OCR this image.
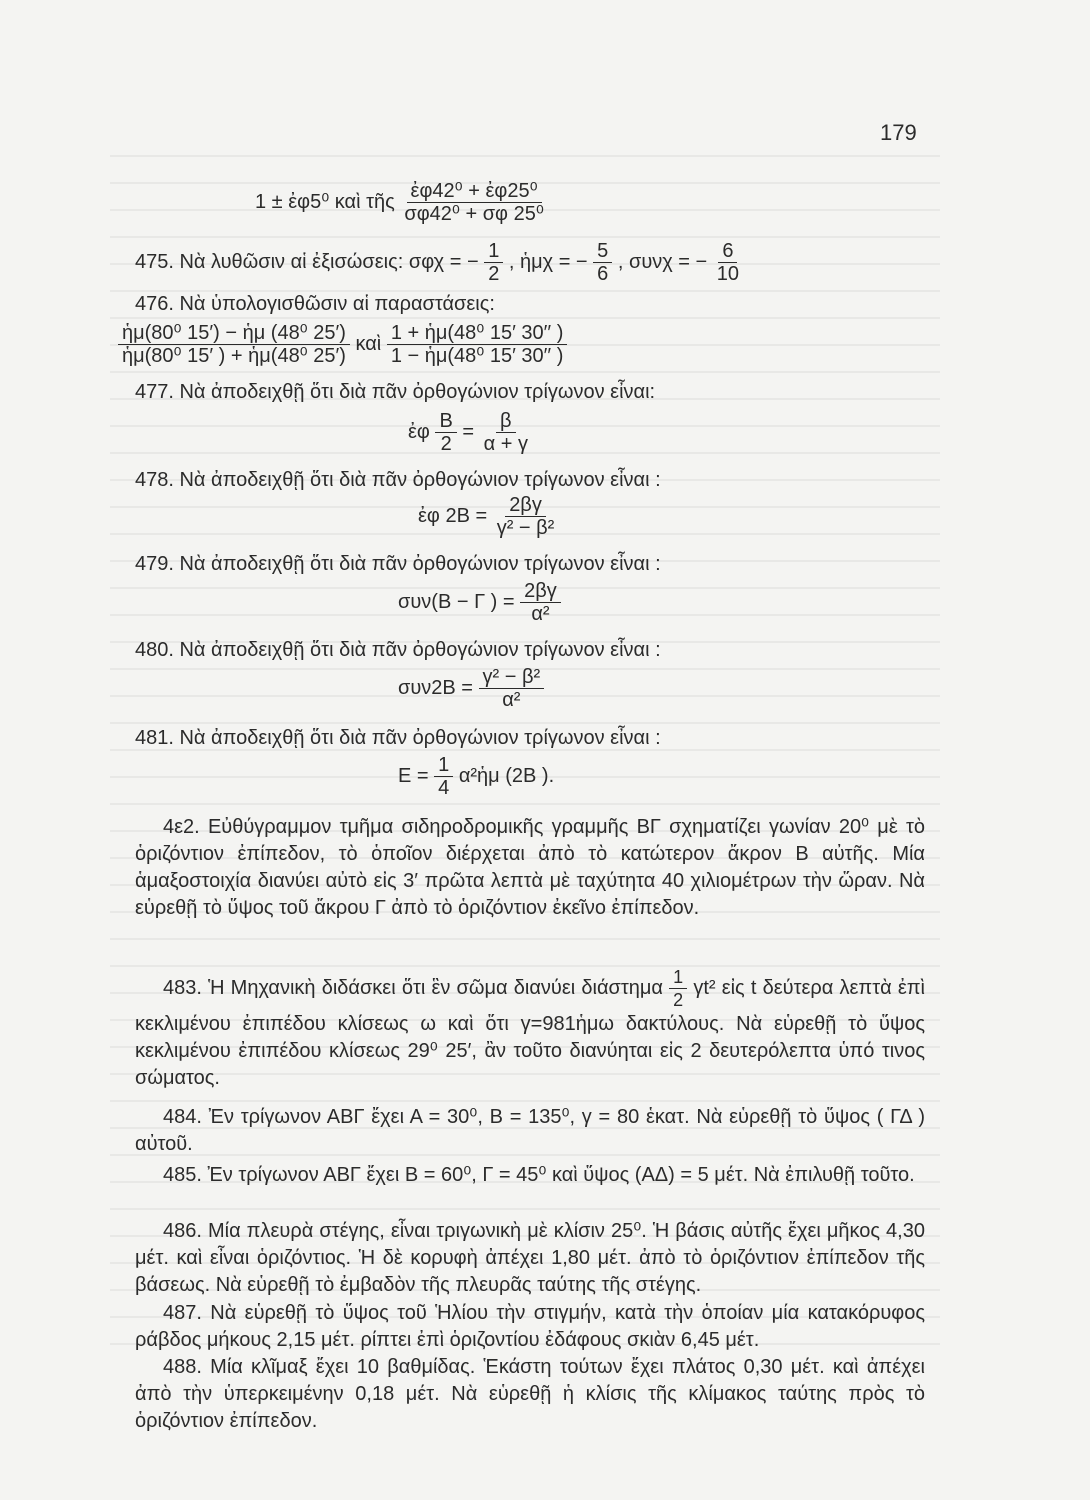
179
1 ± ἐφ5⁰ καὶ τῆς $\frac{\text{ἐφ42⁰ + ἐφ25⁰}}{\text{σφ42⁰ + σφ 25⁰}}$
475. Νὰ λυθῶσιν αἱ ἐξισώσεις: σφχ = − $\frac{1}{2}$ , ἡμχ = − $\frac{5}{6}$ , συνχ = − $\frac{6}{10}$
476. Νὰ ὑπολογισθῶσιν αἱ παραστάσεις:
$\frac{\text{ἡμ(80⁰ 15′) − ἡμ (48⁰ 25′)}}{\text{ἡμ(80⁰ 15′ ) + ἡμ(48⁰ 25′)}}$ καὶ $\frac{\text{1 + ἡμ(48⁰ 15′ 30′′ )}}{\text{1 − ἡμ(48⁰ 15′ 30′′ )}}$
477. Νὰ ἀποδειχθῇ ὅτι διὰ πᾶν ὀρθογώνιον τρίγωνον εἶναι:
ἐφ $\frac{B}{2} = \frac{\beta}{\alpha + \gamma}$
478. Νὰ ἀποδειχθῇ ὅτι διὰ πᾶν ὀρθογώνιον τρίγωνον εἶναι :
ἐφ $2B = \frac{2\beta\gamma}{\text{γ² − β²}}$
479. Νὰ ἀποδειχθῇ ὅτι διὰ πᾶν ὀρθογώνιον τρίγωνον εἶναι :
συν(B − Γ ) = $\frac{2\beta\gamma}{\text{α²}}$
480. Νὰ ἀποδειχθῇ ὅτι διὰ πᾶν ὀρθογώνιον τρίγωνον εἶναι :
$\sigma\upsilon\nu 2B = \frac{\text{γ² − β²}}{\text{α²}}$
481. Νὰ ἀποδειχθῇ ὅτι διὰ πᾶν ὀρθογώνιον τρίγωνον εἶναι :
$E = \frac{1}{4}$ α²ἡμ (2B ).
4ε2. Εὐθύγραμμον τμῆμα σιδηροδρομικῆς γραμμῆς ΒΓ σχηματίζει γωνίαν 20⁰ μὲ τὸ ὁριζόντιον ἐπίπεδον, τὸ ὁποῖον διέρχεται ἀπὸ τὸ κατώτερον ἄκρον Β αὐτῆς. Μία ἁμαξοστοιχία διανύει αὐτὸ εἰς 3′ πρῶτα λεπτὰ μὲ ταχύτητα 40 χιλιομέτρων τὴν ὥραν. Νὰ εὑρεθῇ τὸ ὕψος τοῦ ἄκρου Γ ἀπὸ τὸ ὁριζόντιον ἐκεῖνο ἐπίπεδον.
483. Ἡ Μηχανικὴ διδάσκει ὅτι ἓν σῶμα διανύει διάστημα $\frac{1}{2} \gamma t^2$ εἰς t δεύτερα λεπτὰ ἐπὶ κεκλιμένου ἐπιπέδου κλίσεως ω καὶ ὅτι γ=981ἡμω δακτύλους. Νὰ εὑρεθῇ τὸ ὕψος κεκλιμένου ἐπιπέδου κλίσεως 29⁰ 25′, ἂν τοῦτο διανύηται εἰς 2 δευτερόλεπτα ὑπό τινος σώματος.
484. Ἐν τρίγωνον ΑΒΓ ἔχει Α = 30⁰, Β = 135⁰, γ = 80 ἑκατ. Νὰ εὑρεθῇ τὸ ὕψος ( ΓΔ ) αὐτοῦ.
485. Ἐν τρίγωνον ΑΒΓ ἔχει Β = 60⁰, Γ = 45⁰ καὶ ὕψος (ΑΔ) = 5 μέτ. Νὰ ἐπιλυθῇ τοῦτο.
486. Μία πλευρὰ στέγης, εἶναι τριγωνικὴ μὲ κλίσιν 25⁰. Ἡ βάσις αὐτῆς ἔχει μῆκος 4,30 μέτ. καὶ εἶναι ὁριζόντιος. Ἡ δὲ κορυφὴ ἀπέχει 1,80 μέτ. ἀπὸ τὸ ὁριζόντιον ἐπίπεδον τῆς βάσεως. Νὰ εὑρεθῇ τὸ ἐμβαδὸν τῆς πλευρᾶς ταύτης τῆς στέγης.
487. Νὰ εὑρεθῇ τὸ ὕψος τοῦ Ἡλίου τὴν στιγμήν, κατὰ τὴν ὁποίαν μία κατακόρυφος ράβδος μήκους 2,15 μέτ. ρίπτει ἐπὶ ὁριζοντίου ἐδάφους σκιὰν 6,45 μέτ.
488. Μία κλῖμαξ ἔχει 10 βαθμίδας. Ἑκάστη τούτων ἔχει πλάτος 0,30 μέτ. καὶ ἀπέχει ἀπὸ τὴν ὑπερκειμένην 0,18 μέτ. Νὰ εὑρεθῇ ἡ κλίσις τῆς κλίμακος ταύτης πρὸς τὸ ὁριζόντιον ἐπίπεδον.
